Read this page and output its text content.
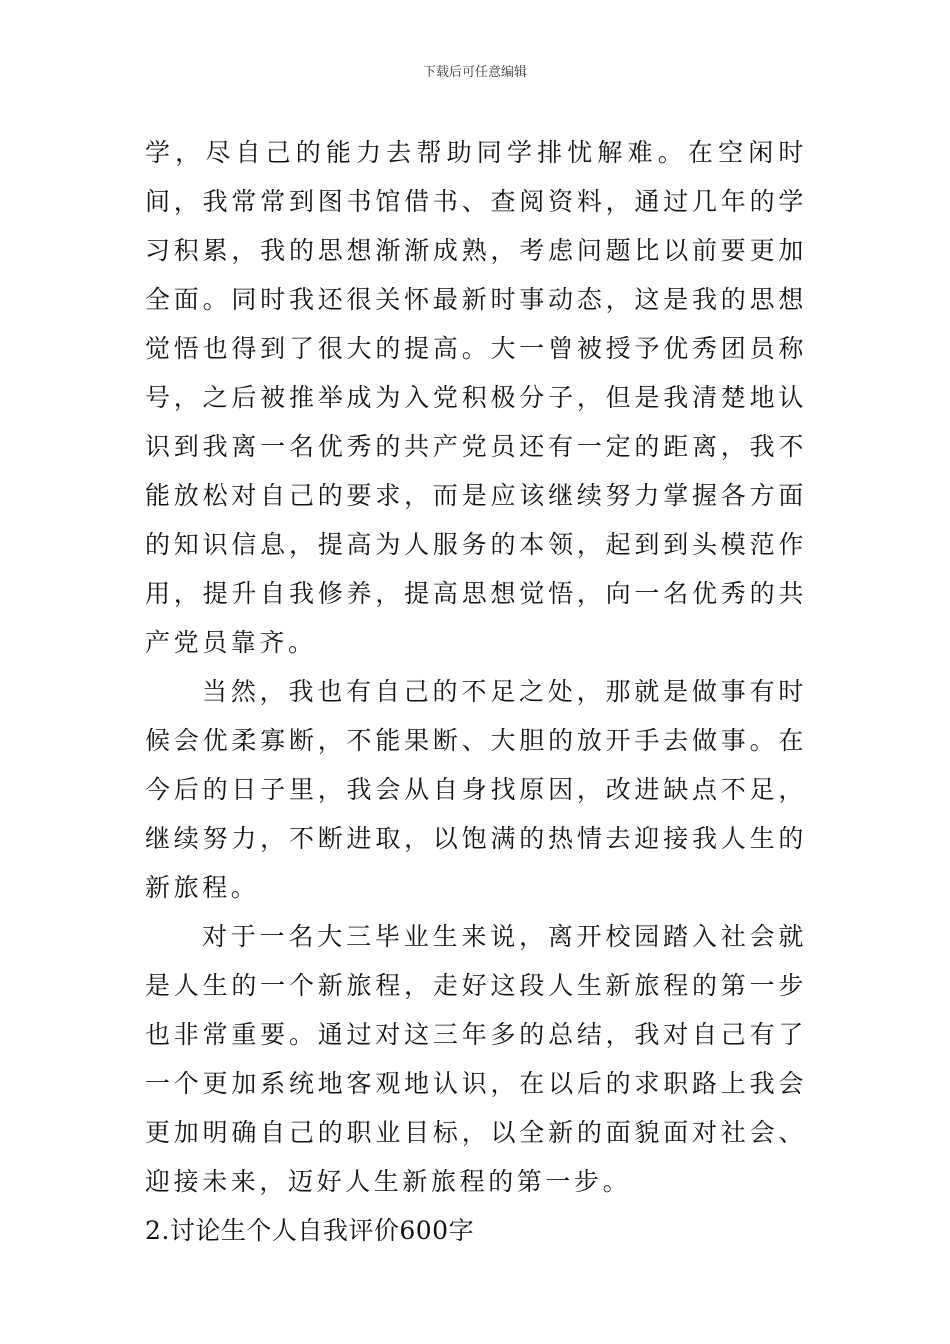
下载后可任意编辑

学，尽自己的能力去帮助同学排忧解难。在空闲时间，我常常到图书馆借书、查阅资料，通过几年的学习积累，我的思想渐渐成熟，考虑问题比以前要更加全面。同时我还很关怀最新时事动态，这是我的思想觉悟也得到了很大的提高。大一曾被授予优秀团员称号，之后被推举成为入党积极分子，但是我清楚地认识到我离一名优秀的共产党员还有一定的距离，我不能放松对自己的要求，而是应该继续努力掌握各方面的知识信息，提高为人服务的本领，起到到头模范作用，提升自我修养，提高思想觉悟，向一名优秀的共产党员靠齐。

当然，我也有自己的不足之处，那就是做事有时候会优柔寡断，不能果断、大胆的放开手去做事。在今后的日子里，我会从自身找原因，改进缺点不足，继续努力，不断进取，以饱满的热情去迎接我人生的新旅程。

对于一名大三毕业生来说，离开校园踏入社会就是人生的一个新旅程，走好这段人生新旅程的第一步也非常重要。通过对这三年多的总结，我对自己有了一个更加系统地客观地认识，在以后的求职路上我会更加明确自己的职业目标，以全新的面貌面对社会、迎接未来，迈好人生新旅程的第一步。

2.讨论生个人自我评价600字
